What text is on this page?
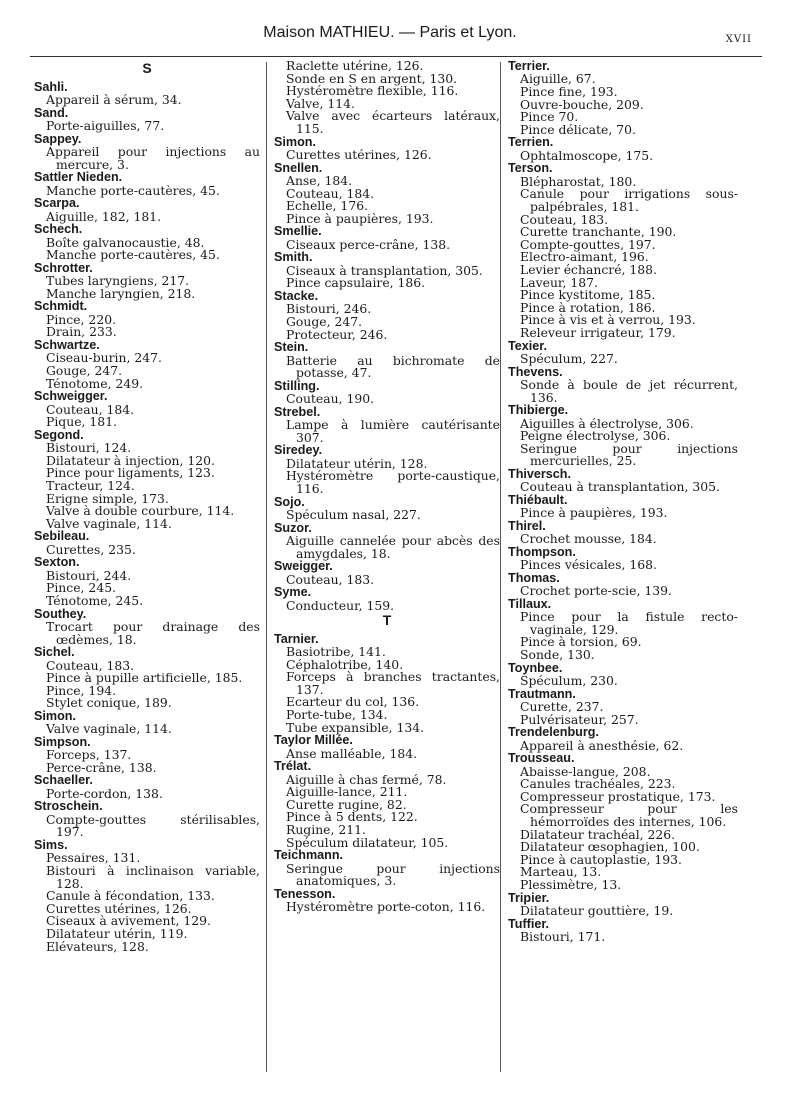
Maison MATHIEU. — Paris et Lyon.	XVII
S
Sahli.
Appareil à sérum, 34.
Sand.
Porte-aiguilles, 77.
Sappey.
Appareil pour injections au mercure, 3.
Sattler Nieden.
Manche porte-cautères, 45.
Scarpa.
Aiguille, 182, 181.
Schech.
Boîte galvanocaustie, 48.
Manche porte-cautères, 45.
Schrotter.
Tubes laryngiens, 217.
Manche laryngien, 218.
Schmidt.
Pince, 220.
Drain, 233.
Schwartze.
Ciseau-burin, 247.
Gouge, 247.
Ténotome, 249.
Schweigger.
Couteau, 184.
Pique, 181.
Segond.
Bistouri, 124.
Dilatateur à injection, 120.
Pince pour ligaments, 123.
Tracteur, 124.
Erigne simple, 173.
Valve à double courbure, 114.
Valve vaginale, 114.
Sebileau.
Curettes, 235.
Sexton.
Bistouri, 244.
Pince, 245.
Ténotome, 245.
Southey.
Trocart pour drainage des œdèmes, 18.
Sichel.
Couteau, 183.
Pince à pupille artificielle, 185.
Pince, 194.
Stylet conique, 189.
Simon.
Valve vaginale, 114.
Simpson.
Forceps, 137.
Perce-crâne, 138.
Schaeller.
Porte-cordon, 138.
Stroschein.
Compte-gouttes stérilisables, 197.
Sims.
Pessaires, 131.
Bistouri à inclinaison variable, 128.
Canule à fécondation, 133.
Curettes utérines, 126.
Ciseaux à avivement, 129.
Dilatateur utérin, 119.
Elévateurs, 128.
Raclette utérine, 126.
Sonde en S en argent, 130.
Hystéromètre flexible, 116.
Valve, 114.
Valve avec écarteurs latéraux, 115.
Simon.
Curettes utérines, 126.
Snellen.
Anse, 184.
Couteau, 184.
Echelle, 176.
Pince à paupières, 193.
Smellie.
Ciseaux perce-crâne, 138.
Smith.
Ciseaux à transplantation, 305.
Pince capsulaire, 186.
Stacke.
Bistouri, 246.
Gouge, 247.
Protecteur, 246.
Stein.
Batterie au bichromate de potasse, 47.
Stilling.
Couteau, 190.
Strebel.
Lampe à lumière cautérisante 307.
Siredey.
Dilatateur utérin, 128.
Hystéromètre porte-caustique, 116.
Sojo.
Spéculum nasal, 227.
Suzor.
Aiguille cannelée pour abcès des amygdales, 18.
Sweigger.
Couteau, 183.
Syme.
Conducteur, 159.
T
Tarnier.
Basiotribe, 141.
Céphalotribe, 140.
Forceps à branches tractantes, 137.
Ecarteur du col, 136.
Porte-tube, 134.
Tube expansible, 134.
Taylor Millée.
Anse malléable, 184.
Trélat.
Aiguille à chas fermé, 78.
Aiguille-lance, 211.
Curette rugine, 82.
Pince à 5 dents, 122.
Rugine, 211.
Spéculum dilatateur, 105.
Teichmann.
Seringue pour injections anatomiques, 3.
Tenesson.
Hystéromètre porte-coton, 116.
Terrier.
Aiguille, 67.
Pince fine, 193.
Ouvre-bouche, 209.
Pince 70.
Pince délicate, 70.
Terrien.
Ophtalmoscope, 175.
Terson.
Blépharostat, 180.
Canule pour irrigations sous-palpébrales, 181.
Couteau, 183.
Curette tranchante, 190.
Compte-gouttes, 197.
Electro-aimant, 196.
Levier échancré, 188.
Laveur, 187.
Pince kystitome, 185.
Pince à rotation, 186.
Pince à vis et à verrou, 193.
Releveur irrigateur, 179.
Texier.
Spéculum, 227.
Thevens.
Sonde à boule de jet récurrent, 136.
Thibierge.
Aiguilles à électrolyse, 306.
Peigne électrolyse, 306.
Seringue pour injections mercurielles, 25.
Thiversch.
Couteau à transplantation, 305.
Thiébault.
Pince à paupières, 193.
Thirel.
Crochet mousse, 184.
Thompson.
Pinces vésicales, 168.
Thomas.
Crochet porte-scie, 139.
Tillaux.
Pince pour la fistule recto-vaginale, 129.
Pince à torsion, 69.
Sonde, 130.
Toynbee.
Spéculum, 230.
Trautmann.
Curette, 237.
Pulvérisateur, 257.
Trendelenburg.
Appareil à anesthésie, 62.
Trousseau.
Abaisse-langue, 208.
Canules trachéales, 223.
Compresseur prostatique, 173.
Compresseur pour les hémorroïdes des internes, 106.
Dilatateur trachéal, 226.
Dilatateur œsophagien, 100.
Pince à cautoplastie, 193.
Marteau, 13.
Plessimètre, 13.
Tripier.
Dilatateur gouttière, 19.
Tuffier.
Bistouri, 171.
